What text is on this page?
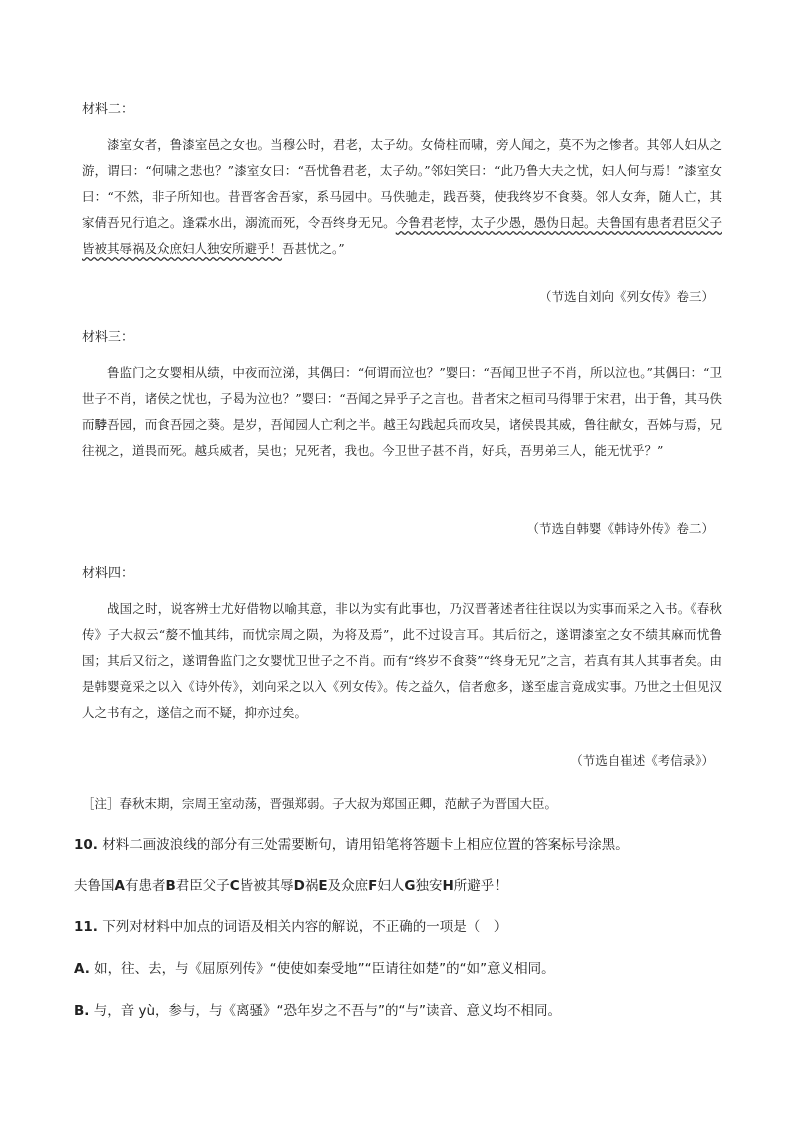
材料二：
漆室女者，鲁漆室邑之女也。当穆公时，君老，太子幼。女倚柱而啸，旁人闻之，莫不为之惨者。其邻人妇从之游，谓曰：“何啸之悲也？”漆室女曰：“吾忧鲁君老，太子幼。”邻妇笑曰：“此乃鲁大夫之忧，妇人何与焉！”漆室女曰：“不然，非子所知也。昔晋客舍吾家，系马园中。马佚驰走，践吾葵，使我终岁不食葵。邻人女奔，随人亡，其家倩吾兄行追之。逢霖水出，溺流而死，令吾终身无兄。今鲁君老悖，太子少愚，愚伪日起。夫鲁国有患者君臣父子皆被其辱祸及众庶妇人独安所避乎！吾甚忧之。”
（节选自刘向《列女传》卷三）
材料三：
鲁监门之女婴相从绩，中夜而泣涕，其偶曰：“何谓而泣也？”婴曰：“吾闻卫世子不肖，所以泣也。”其偶曰：“卫世子不肖，诸侯之忧也，子曷为泣也？”婴曰：“吾闻之异乎子之言也。昔者宋之桓司马得罪于宋君，出于鲁，其马佚而𩣡吾园，而食吾园之葵。是岁，吾闻园人亡利之半。越王勾践起兵而攻吴，诸侯畏其威，鲁往献女，吾姊与焉，兄往视之，道畏而死。越兵威者，吴也；兄死者，我也。今卫世子甚不肖，好兵，吾男弟三人，能无忧乎？”
（节选自韩婴《韩诗外传》卷二）
材料四：
战国之时，说客辨士尤好借物以喻其意，非以为实有此事也，乃汉晋著述者往往误以为实事而采之入书。《春秋传》子大叔云“嫠不恤其纬，而忧宗周之陨，为将及焉”，此不过设言耳。其后衍之，遂谓漆室之女不绩其麻而忧鲁国；其后又衍之，遂谓鲁监门之女婴忧卫世子之不肖。而有“终岁不食葵”“终身无兄”之言，若真有其人其事者矣。由是韩婴竟采之以入《诗外传》，刘向采之以入《列女传》。传之益久，信者愈多，遂至虚言竟成实事。乃世之士但见汉人之书有之，遂信之而不疑，抑亦过矣。
（节选自崔述《考信录》）
［注］春秋末期，宗周王室动荡，晋强郑弱。子大叔为郑国正卿，范献子为晋国大臣。
10. 材料二画波浪线的部分有三处需要断句，请用铅笔将答题卡上相应位置的答案标号涂黑。
夫鲁国A有患者B君臣父子C皆被其辱D祸E及众庶F妇人G独安H所避乎！
11. 下列对材料中加点的词语及相关内容的解说，不正确的一项是（　）
A. 如，往、去，与《屈原列传》“使使如秦受地”“臣请往如楚”的“如”意义相同。
B. 与，音 yù，参与，与《离骚》“恐年岁之不吾与”的“与”读音、意义均不相同。
